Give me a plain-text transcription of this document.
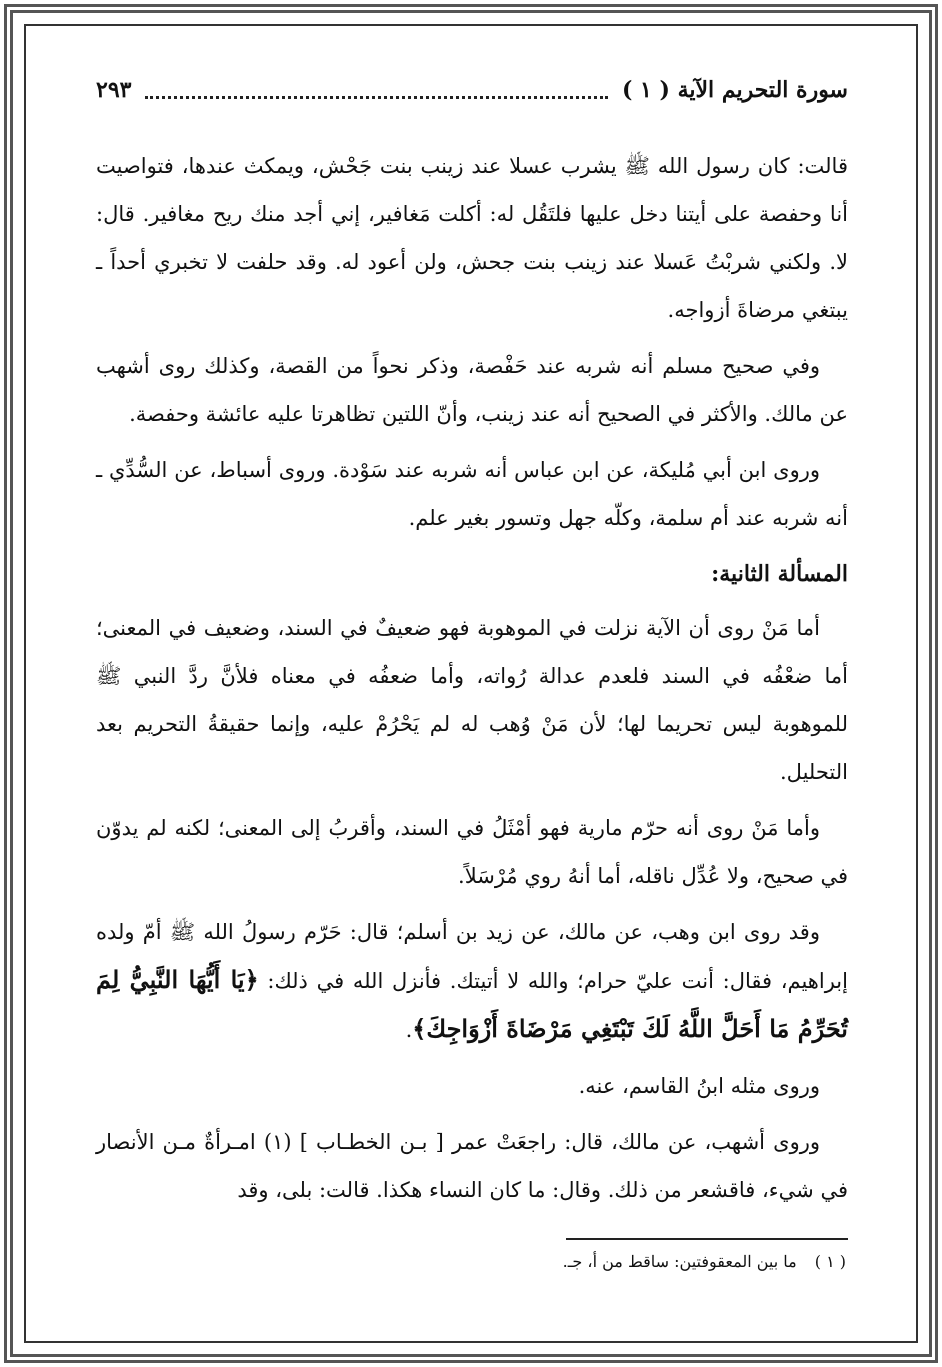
سورة التحريم الآية ( ١ )
٢٩٣

قالت: كان رسول الله ﷺ يشرب عسلا عند زينب بنت جَحْش، ويمكث عندها، فتواصيت أنا وحفصة على أيتنا دخل عليها فلتَقُل له: أكلت مَغافير، إني أجد منك ريح مغافير. قال: لا. ولكني شربْتُ عَسلا عند زينب بنت جحش، ولن أعود له. وقد حلفت لا تخبري أحداً ـ يبتغي مرضاةَ أزواجه.

وفي صحيح مسلم أنه شربه عند حَفْصة، وذكر نحواً من القصة، وكذلك روى أشهب عن مالك. والأكثر في الصحيح أنه عند زينب، وأنّ اللتين تظاهرتا عليه عائشة وحفصة.

وروى ابن أبي مُليكة، عن ابن عباس أنه شربه عند سَوْدة. وروى أسباط، عن السُّدِّي ـ أنه شربه عند أم سلمة، وكلّه جهل وتسور بغير علم.

المسألة الثانية:

أما مَنْ روى أن الآية نزلت في الموهوبة فهو ضعيفٌ في السند، وضعيف في المعنى؛ أما ضعْفُه في السند فلعدم عدالة رُواته، وأما ضعفُه في معناه فلأنَّ ردَّ النبي ﷺ للموهوبة ليس تحريما لها؛ لأن مَنْ وُهب له لم يَحْرُمْ عليه، وإنما حقيقةُ التحريم بعد التحليل.

وأما مَنْ روى أنه حرّم مارية فهو أمْثَلُ في السند، وأقربُ إلى المعنى؛ لكنه لم يدوّن في صحيح، ولا عُدِّل ناقله، أما أنهُ روي مُرْسَلاً.

وقد روى ابن وهب، عن مالك، عن زيد بن أسلم؛ قال: حَرّم رسولُ الله ﷺ أمّ ولده إبراهيم، فقال: أنت عليّ حرام؛ والله لا أتيتك. فأنزل الله في ذلك: ﴿يَا أَيُّهَا النَّبِيُّ لِمَ تُحَرِّمُ مَا أَحَلَّ اللَّهُ لَكَ تَبْتَغِي مَرْضَاةَ أَزْوَاجِكَ﴾.

وروى مثله ابنُ القاسم، عنه.

وروى أشهب، عن مالك، قال: راجعَتْ عمر [ بـن الخطـاب ] (١) امـرأةٌ مـن الأنصار في شيء، فاقشعر من ذلك. وقال: ما كان النساء هكذا. قالت: بلى، وقد

( ١ )
ما بين المعقوفتين: ساقط من أ، جـ.
